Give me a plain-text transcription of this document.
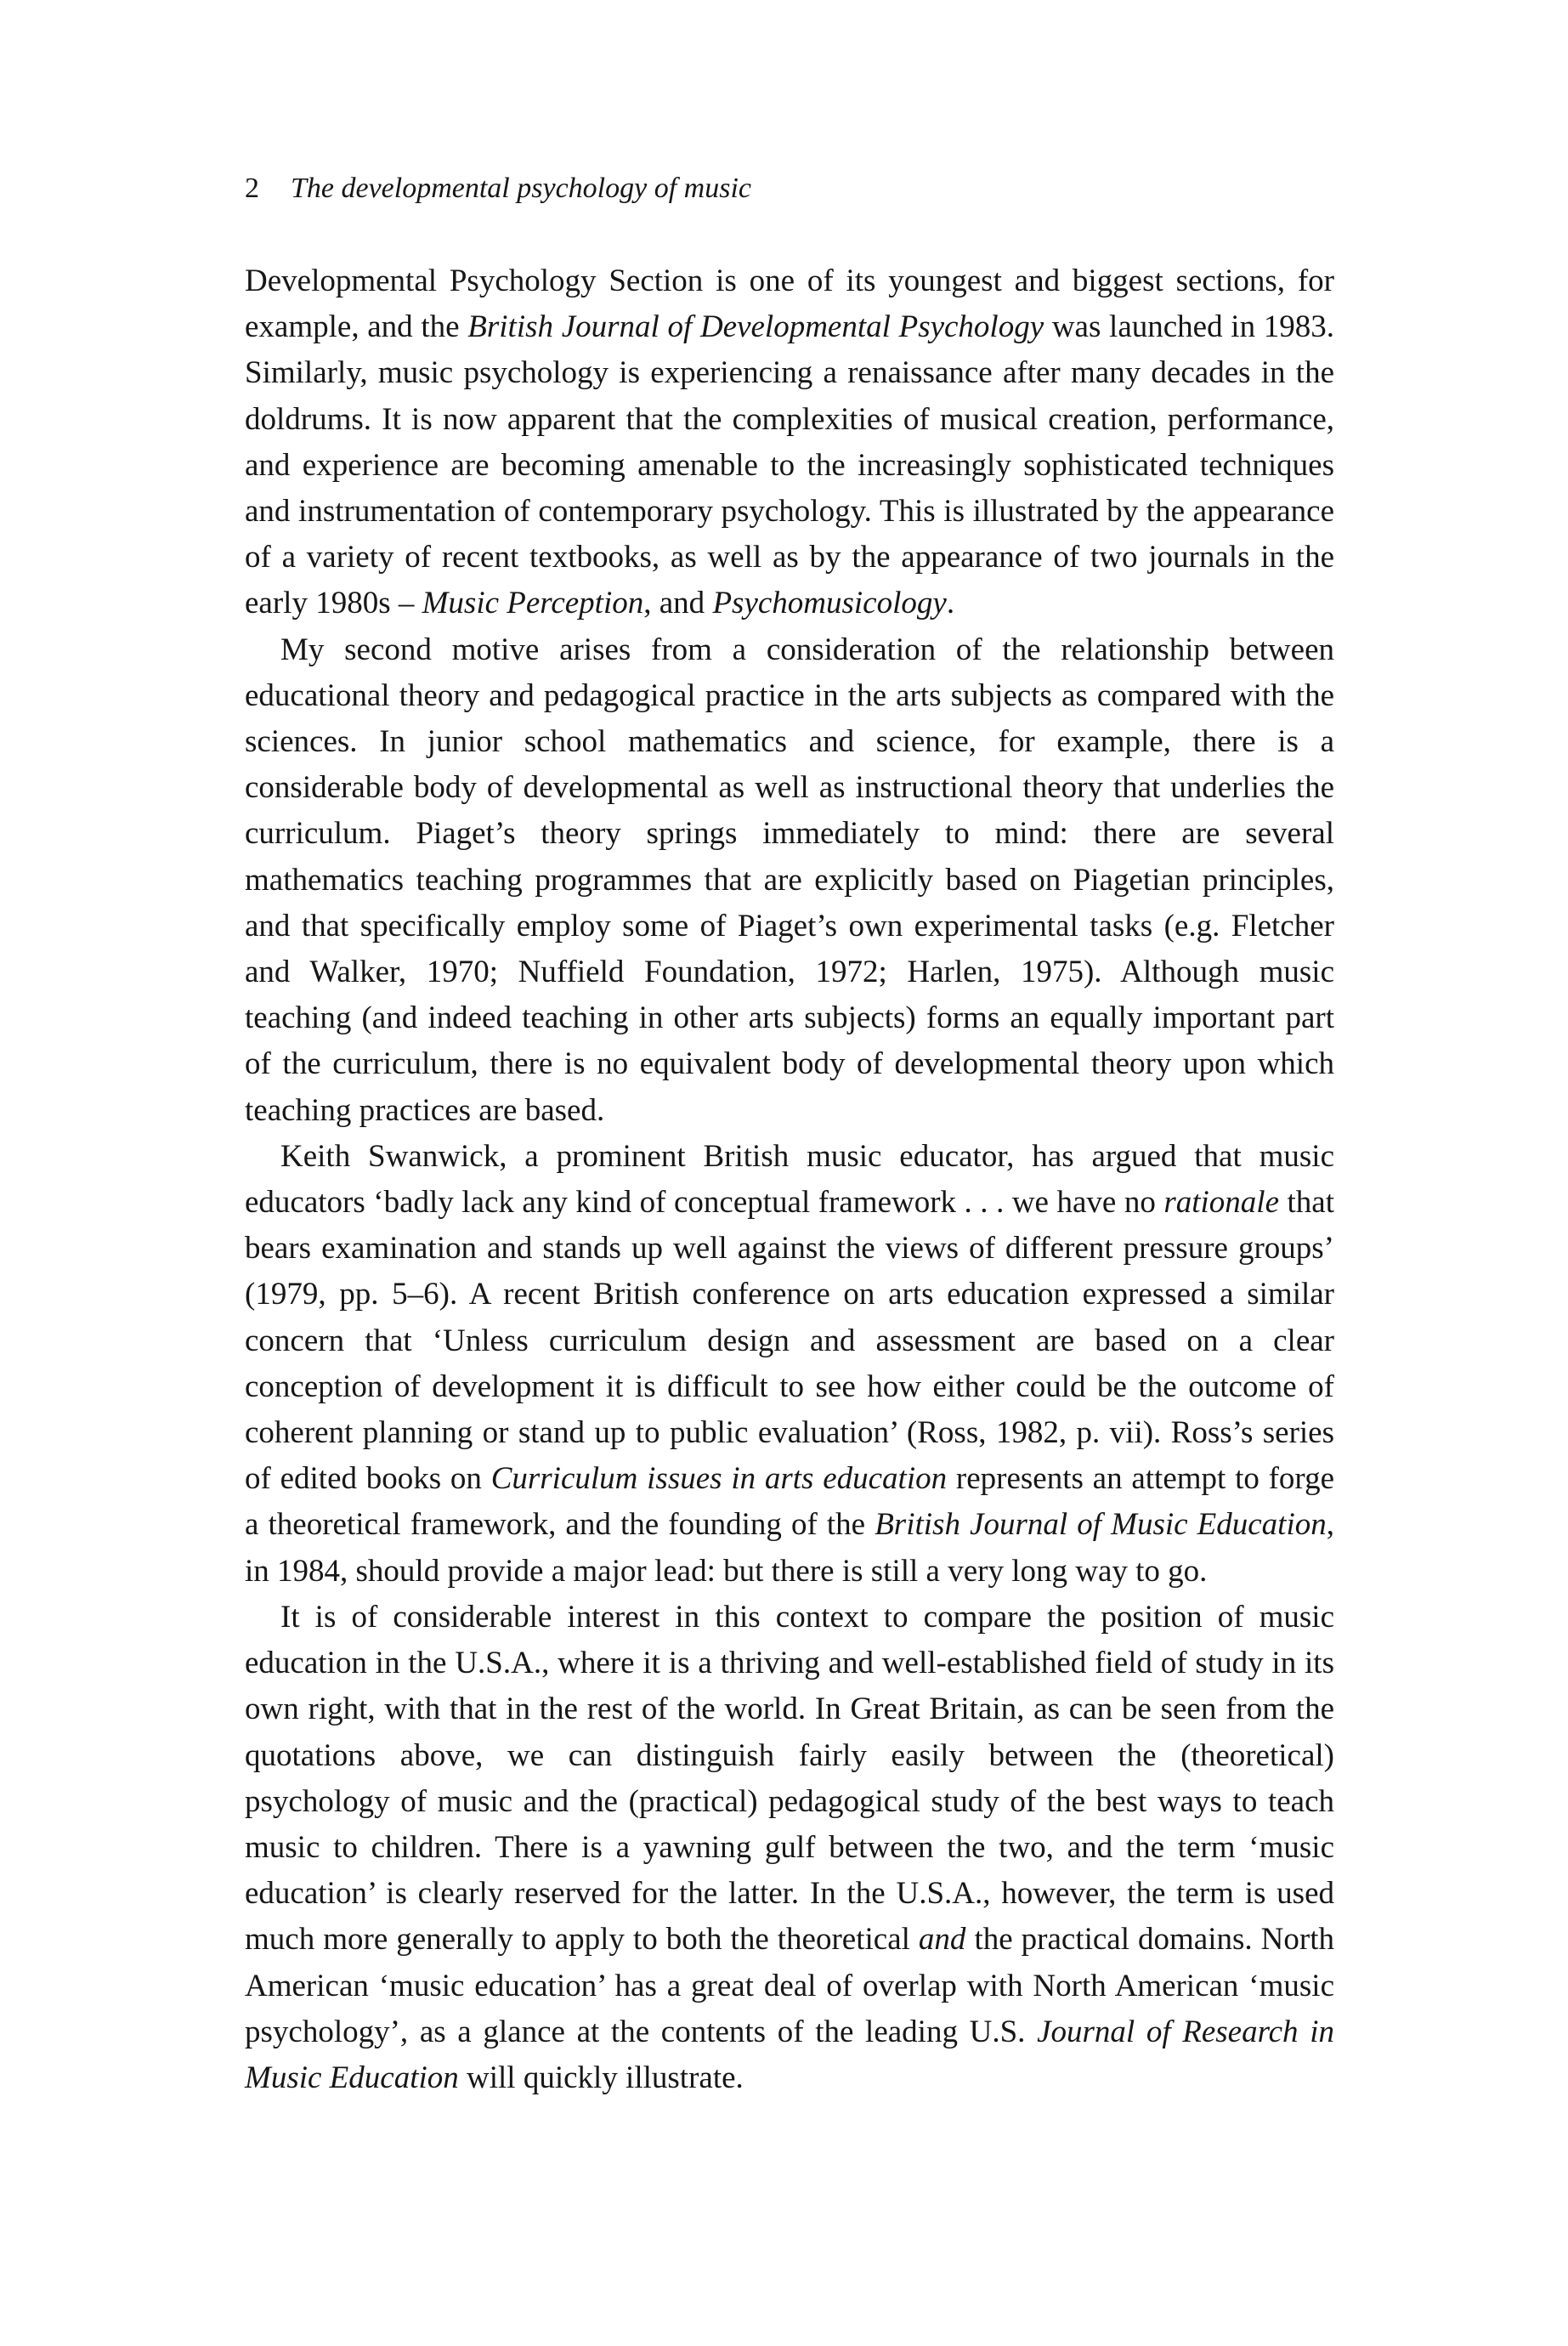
2 The developmental psychology of music

Developmental Psychology Section is one of its youngest and biggest sections, for example, and the British Journal of Developmental Psychology was launched in 1983. Similarly, music psychology is experiencing a renaissance after many decades in the doldrums. It is now apparent that the complexities of musical creation, performance, and experience are becoming amenable to the increasingly sophisticated techniques and instrumentation of contemporary psychology. This is illustrated by the appearance of a variety of recent textbooks, as well as by the appearance of two journals in the early 1980s – Music Perception, and Psychomusicology.

My second motive arises from a consideration of the relationship between educational theory and pedagogical practice in the arts subjects as compared with the sciences. In junior school mathematics and science, for example, there is a considerable body of developmental as well as instructional theory that underlies the curriculum. Piaget’s theory springs immediately to mind: there are several mathematics teaching programmes that are explicitly based on Piagetian principles, and that specifically employ some of Piaget’s own experimental tasks (e.g. Fletcher and Walker, 1970; Nuffield Foundation, 1972; Harlen, 1975). Although music teaching (and indeed teaching in other arts subjects) forms an equally important part of the curriculum, there is no equivalent body of developmental theory upon which teaching practices are based.

Keith Swanwick, a prominent British music educator, has argued that music educators ‘badly lack any kind of conceptual framework . . . we have no rationale that bears examination and stands up well against the views of different pressure groups’ (1979, pp. 5–6). A recent British conference on arts education expressed a similar concern that ‘Unless curriculum design and assessment are based on a clear conception of development it is difficult to see how either could be the outcome of coherent planning or stand up to public evaluation’ (Ross, 1982, p. vii). Ross’s series of edited books on Curriculum issues in arts education represents an attempt to forge a theoretical framework, and the founding of the British Journal of Music Education, in 1984, should provide a major lead: but there is still a very long way to go.

It is of considerable interest in this context to compare the position of music education in the U.S.A., where it is a thriving and well-established field of study in its own right, with that in the rest of the world. In Great Britain, as can be seen from the quotations above, we can distinguish fairly easily between the (theoretical) psychology of music and the (practical) pedagogical study of the best ways to teach music to children. There is a yawning gulf between the two, and the term ‘music education’ is clearly reserved for the latter. In the U.S.A., however, the term is used much more generally to apply to both the theoretical and the practical domains. North American ‘music education’ has a great deal of overlap with North American ‘music psychology’, as a glance at the contents of the leading U.S. Journal of Research in Music Education will quickly illustrate.
